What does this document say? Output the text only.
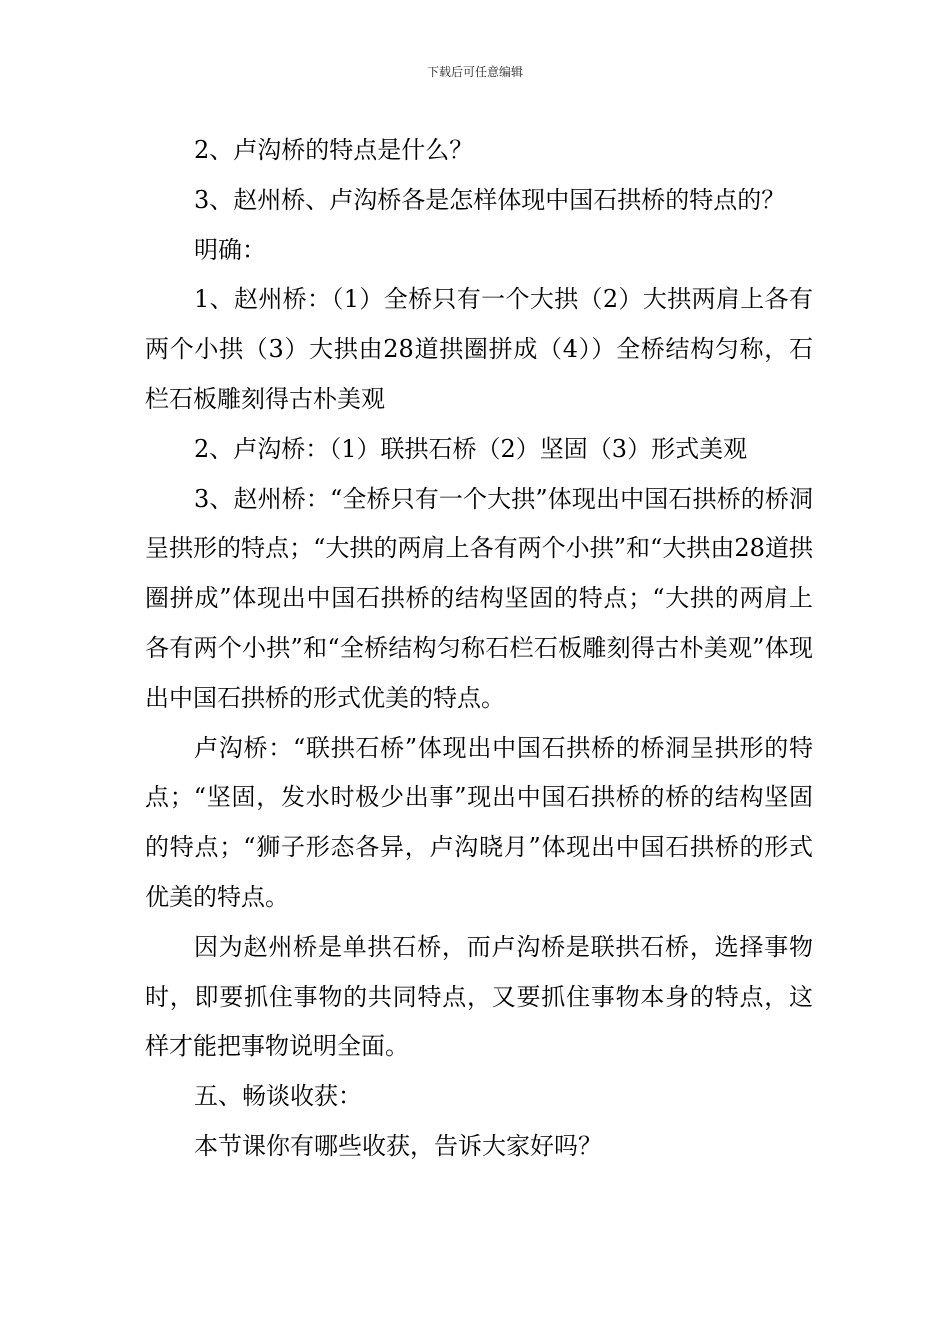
下载后可任意编辑

2、卢沟桥的特点是什么？

3、赵州桥、卢沟桥各是怎样体现中国石拱桥的特点的？

明确：

1、赵州桥：（1）全桥只有一个大拱（2）大拱两肩上各有两个小拱（3）大拱由28道拱圈拼成（4））全桥结构匀称，石栏石板雕刻得古朴美观

2、卢沟桥：（1）联拱石桥（2）坚固（3）形式美观

3、赵州桥：“全桥只有一个大拱”体现出中国石拱桥的桥洞呈拱形的特点；“大拱的两肩上各有两个小拱”和“大拱由28道拱圈拼成”体现出中国石拱桥的结构坚固的特点；“大拱的两肩上各有两个小拱”和“全桥结构匀称石栏石板雕刻得古朴美观”体现出中国石拱桥的形式优美的特点。

卢沟桥：“联拱石桥”体现出中国石拱桥的桥洞呈拱形的特点；“坚固，发水时极少出事”现出中国石拱桥的桥的结构坚固的特点；“狮子形态各异，卢沟晓月”体现出中国石拱桥的形式优美的特点。

因为赵州桥是单拱石桥，而卢沟桥是联拱石桥，选择事物时，即要抓住事物的共同特点，又要抓住事物本身的特点，这样才能把事物说明全面。

五、畅谈收获：

本节课你有哪些收获，告诉大家好吗？
